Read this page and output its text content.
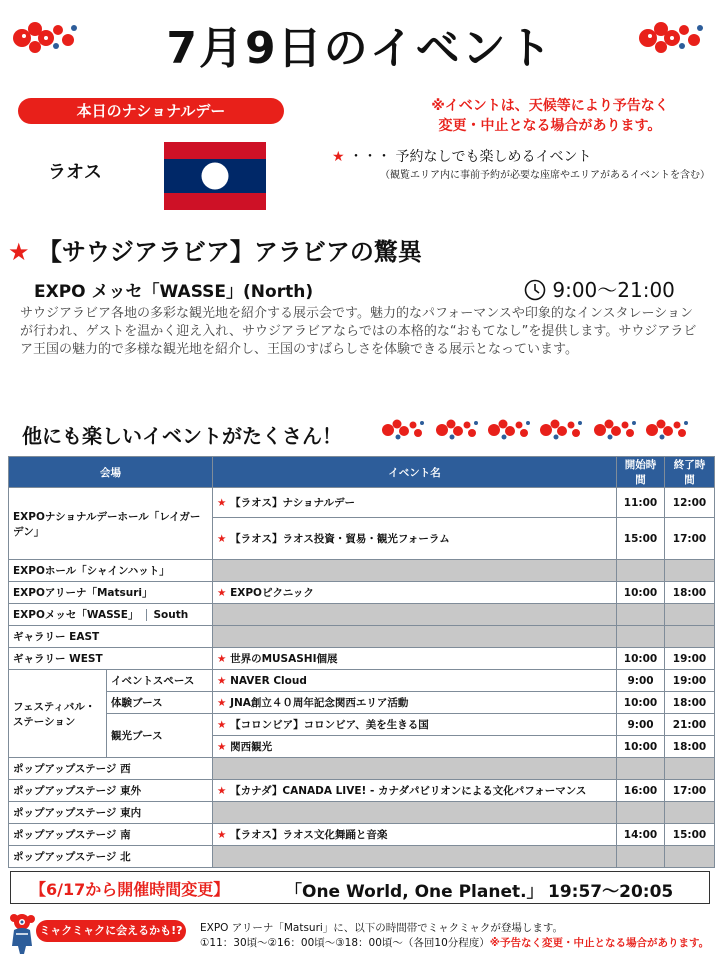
7月9日のイベント
本日のナショナルデー	※イベントは、天候等により予告なく
変更・中止となる場合があります。
ラオス
★ ・・・ 予約なしでも楽しめるイベント
（観覧エリア内に事前予約が必要な座席やエリアがあるイベントを含む）
★ 【サウジアラビア】アラビアの驚異
EXPO メッセ「WASSE」(North)	9:00〜21:00
サウジアラビア各地の多彩な観光地を紹介する展示会です。魅力的なパフォーマンスや印象的なインスタレーションが行われ、ゲストを温かく迎え入れ、サウジアラビアならではの本格的な“おもてなし”を提供します。サウジアラビア王国の魅力的で多様な観光地を紹介し、王国のすばらしさを体験できる展示となっています。
他にも楽しいイベントがたくさん！
会場		イベント名	開始時間	終了時間
EXPOナショナルデーホール「レイガーデン」		★ 【ラオス】ナショナルデー	11:00	12:00
		★ 【ラオス】ラオス投資・貿易・観光フォーラム	15:00	17:00
EXPOホール「シャインハット」				
EXPOアリーナ「Matsuri」		★ EXPOピクニック	10:00	18:00
EXPOメッセ「WASSE」 South				
ギャラリー EAST				
ギャラリー WEST		★ 世界のMUSASHI個展	10:00	19:00
フェスティバル・ステーション	イベントスペース	★ NAVER Cloud	9:00	19:00
	体験ブース	★ JNA創立４０周年記念関西エリア活動	10:00	18:00
	観光ブース	★ 【コロンビア】コロンビア、美を生きる国	9:00	21:00
		★ 関西観光	10:00	18:00
ポップアップステージ 西				
ポップアップステージ 東外		★ 【カナダ】CANADA LIVE! - カナダパビリオンによる文化パフォーマンス	16:00	17:00
ポップアップステージ 東内				
ポップアップステージ 南		★ 【ラオス】ラオス文化舞踊と音楽	14:00	15:00
ポップアップステージ 北				
【6/17から開催時間変更】	「One World, One Planet.」 19:57〜20:05
ミャクミャクに会えるかも!?	EXPO アリーナ「Matsuri」に、以下の時間帯でミャクミャクが登場します。
①11：30頃〜②16：00頃〜③18：00頃〜（各回10分程度）※予告なく変更・中止となる場合があります。
